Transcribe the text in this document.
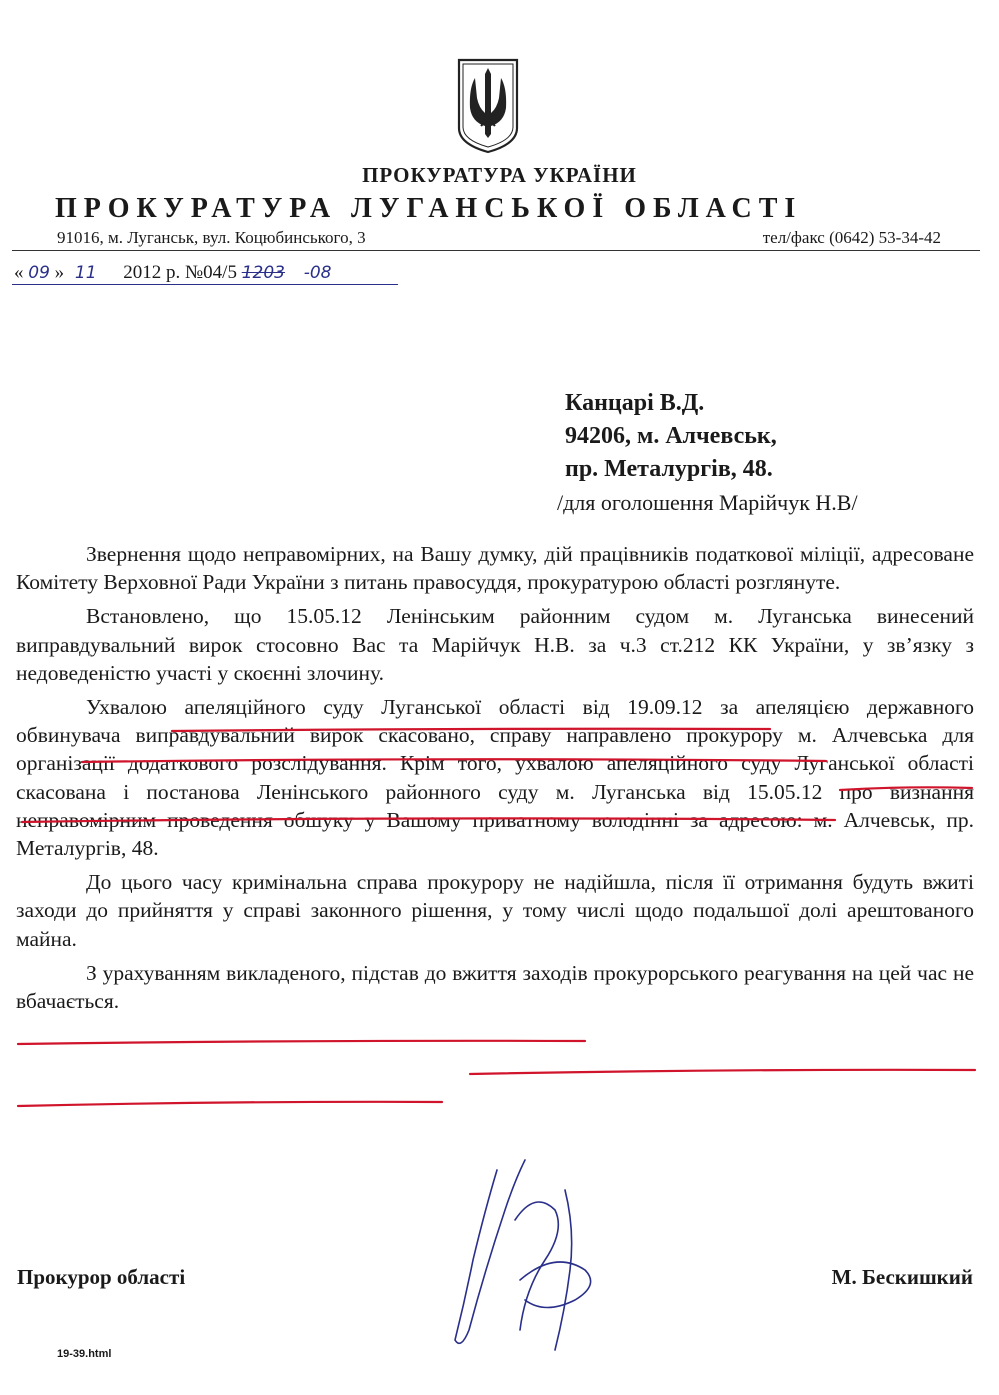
ПРОКУРАТУРА УКРАЇНИ
ПРОКУРАТУРА ЛУГАНСЬКОЇ ОБЛАСТІ
91016, м. Луганськ, вул. Коцюбинського, 3	тел/факс (0642) 53-34-42
« 09 » 11 2012 р. №04/5 1203 -08
Канцарі В.Д.
94206, м. Алчевськ,
пр. Металургів, 48.
/для оголошення Марійчук Н.В/

Звернення щодо неправомірних, на Вашу думку, дій працівників податкової міліції, адресоване Комітету Верховної Ради України з питань правосуддя, прокуратурою області розглянуте.

Встановлено, що 15.05.12 Ленінським районним судом м. Луганська винесений виправдувальний вирок стосовно Вас та Марійчук Н.В. за ч.3 ст.212 КК України, у зв’язку з недоведеністю участі у скоєнні злочину.

Ухвалою апеляційного суду Луганської області від 19.09.12 за апеляцією державного обвинувача виправдувальний вирок скасовано, справу направлено прокурору м. Алчевська для організації додаткового розслідування. Крім того, ухвалою апеляційного суду Луганської області скасована і постанова Ленінського районного суду м. Луганська від 15.05.12 про визнання неправомірним проведення обшуку у Вашому приватному володінні за адресою: м. Алчевськ, пр. Металургів, 48.

До цього часу кримінальна справа прокурору не надійшла, після її отримання будуть вжиті заходи до прийняття у справі законного рішення, у тому числі щодо подальшої долі арештованого майна.

З урахуванням викладеного, підстав до вжиття заходів прокурорського реагування на цей час не вбачається.

Прокурор області	М. Бескишкий
19-39.html
